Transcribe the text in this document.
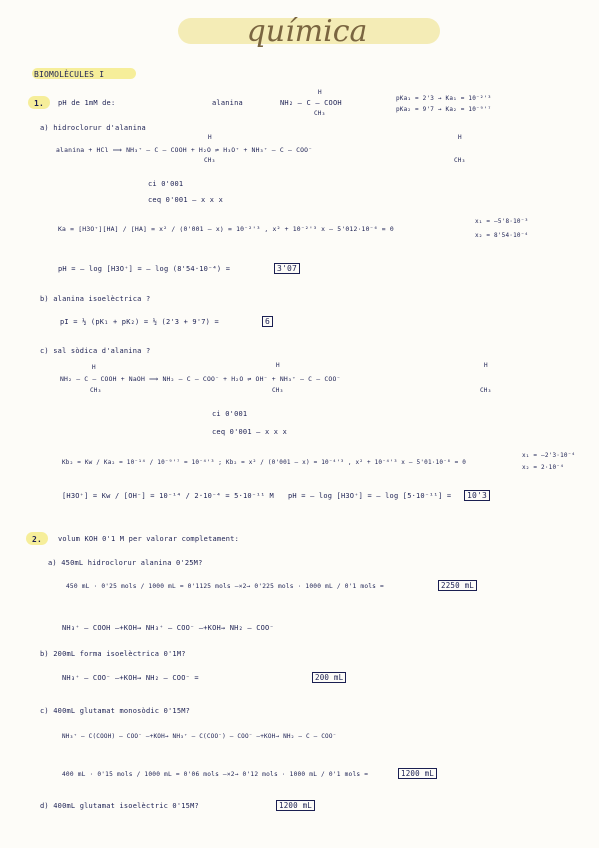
química
BIOMOLÈCULES I
1. pH de 1mM de:	alanina
H
NH₂ — C — COOH
CH₃
pKa₁ = 2'3 → Ka₁ = 10⁻²'³
pKa₂ = 9'7 → Ka₂ = 10⁻⁹'⁷
a) hidroclorur d'alanina
H	H
alanina + HCl ⟹ NH₃⁺ — C — COOH + H₂O ⇌ H₃O⁺ + NH₃⁺ — C — COO⁻
CH₃	CH₃
ci 0'001
ceq 0'001 – x x x
Ka = [H3O⁺][HA] / [HA] = x² / (0'001 – x) = 10⁻²'³ , x² + 10⁻²'³ x – 5'012·10⁻⁶ = 0
x₁ = –5'8·10⁻³
x₂ = 8'54·10⁻⁴
pH = – log [H3O⁺] = – log (8'54·10⁻⁴) =	3'07
b) alanina isoelèctrica ?
pI = ½ (pK₁ + pK₂) = ½ (2'3 + 9'7) =	6
c) sal sòdica d'alanina ?
H	H	H
NH₂ — C — COOH + NaOH ⟹ NH₂ — C — COO⁻ + H₂O ⇌ OH⁻ + NH₃⁺ — C — COO⁻
CH₃	CH₃	CH₃
ci 0'001
ceq 0'001 – x x x
Kb₂ = Kw / Ka₂ = 10⁻¹⁴ / 10⁻⁹'⁷ = 10⁻⁴'³ ; Kb₂ = x² / (0'001 – x) = 10⁻⁴'³ , x² + 10⁻⁴'³ x – 5'01·10⁻⁸ = 0
x₁ = –2'3·10⁻⁴
x₂ = 2·10⁻⁴
[H3O⁺] = Kw / [OH⁻] = 10⁻¹⁴ / 2·10⁻⁴ = 5·10⁻¹¹ M pH = – log [H3O⁺] = – log [5·10⁻¹¹] =	10'3
2. volum KOH 0'1 M per valorar completament:
a) 450mL hidroclorur alanina 0'25M?
450 mL · 0'25 mols / 1000 mL = 0'1125 mols —×2→ 0'225 mols · 1000 mL / 0'1 mols =	2250 mL
NH₃⁺ — COOH —+KOH→ NH₃⁺ — COO⁻ —+KOH→ NH₂ — COO⁻
b) 200mL forma isoelèctrica 0'1M?
NH₃⁺ — COO⁻ —+KOH→ NH₂ — COO⁻ =	200 mL
c) 400mL glutamat monosòdic 0'15M?
NH₃⁺ — C(COOH) — COO⁻ —+KOH→ NH₃⁺ — C(COO⁻) — COO⁻ —+KOH→ NH₂ — C — COO⁻
400 mL · 0'15 mols / 1000 mL = 0'06 mols —×2→ 0'12 mols · 1000 mL / 0'1 mols =	1200 mL
d) 400mL glutamat isoelèctric 0'15M?	1200 mL
